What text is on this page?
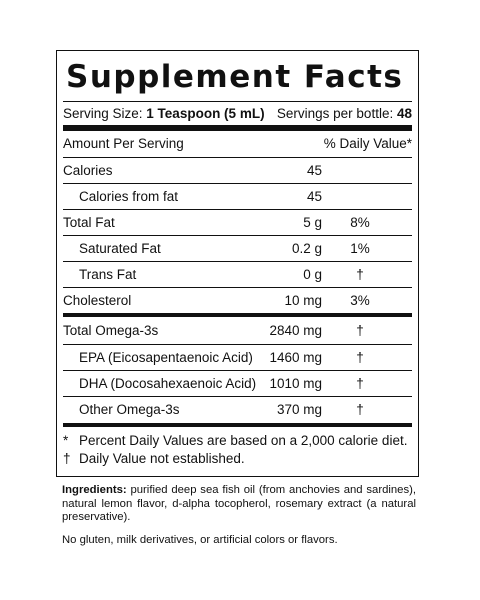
Supplement Facts
Serving Size: 1 Teaspoon (5 mL) Servings per bottle: 48
Amount Per Serving	% Daily Value*
Calories	45
Calories from fat	45
Total Fat	5 g	8%
Saturated Fat	0.2 g	1%
Trans Fat	0 g	†
Cholesterol	10 mg	3%
Total Omega-3s	2840 mg	†
EPA (Eicosapentaenoic Acid) 1460 mg	†
DHA (Docosahexaenoic Acid) 1010 mg	†
Other Omega-3s	370 mg	†
* Percent Daily Values are based on a 2,000 calorie diet.
† Daily Value not established.
Ingredients: purified deep sea fish oil (from anchovies and sardines), natural lemon flavor, d-alpha tocopherol, rosemary extract (a natural preservative).
No gluten, milk derivatives, or artificial colors or flavors.
